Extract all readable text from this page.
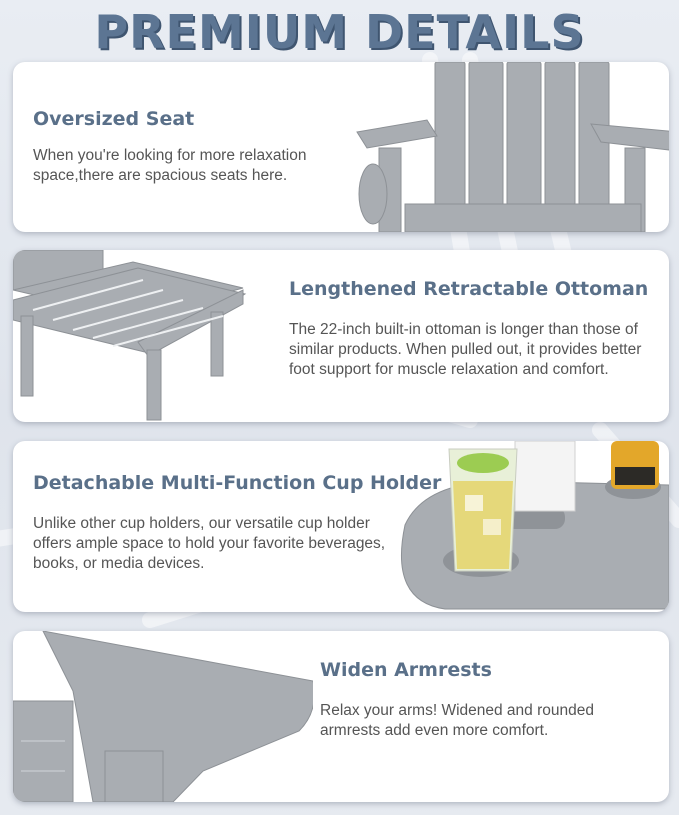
PREMIUM DETAILS
Oversized Seat

When you're looking for more relaxation space,there are spacious seats here.

Lengthened Retractable Ottoman

The 22-inch built-in ottoman is longer than those of similar products. When pulled out, it provides better foot support for muscle relaxation and comfort.

Detachable Multi-Function Cup Holder

Unlike other cup holders, our versatile cup holder offers ample space to hold your favorite beverages, books, or media devices.

Widen Armrests

Relax your arms! Widened and rounded armrests add even more comfort.
